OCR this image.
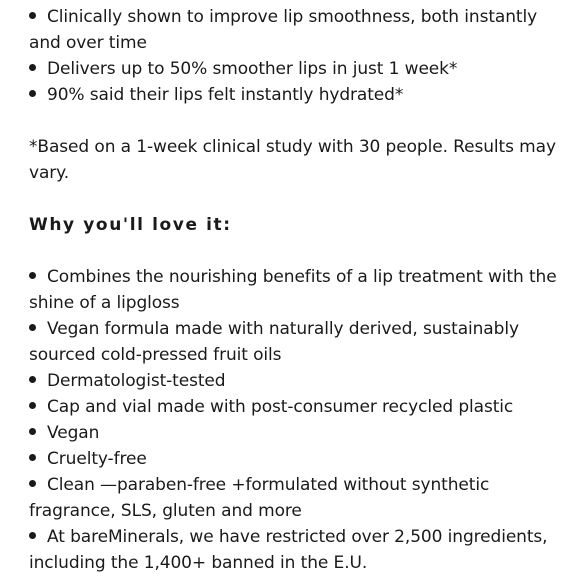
Clinically shown to improve lip smoothness, both instantly and over time
Delivers up to 50% smoother lips in just 1 week*
90% said their lips felt instantly hydrated*
*Based on a 1-week clinical study with 30 people. Results may vary.
Why you'll love it:
Combines the nourishing benefits of a lip treatment with the shine of a lipgloss
Vegan formula made with naturally derived, sustainably sourced cold-pressed fruit oils
Dermatologist-tested
Cap and vial made with post-consumer recycled plastic
Vegan
Cruelty-free
Clean —paraben-free +formulated without synthetic fragrance, SLS, gluten and more
At bareMinerals, we have restricted over 2,500 ingredients, including the 1,400+ banned in the E.U.
